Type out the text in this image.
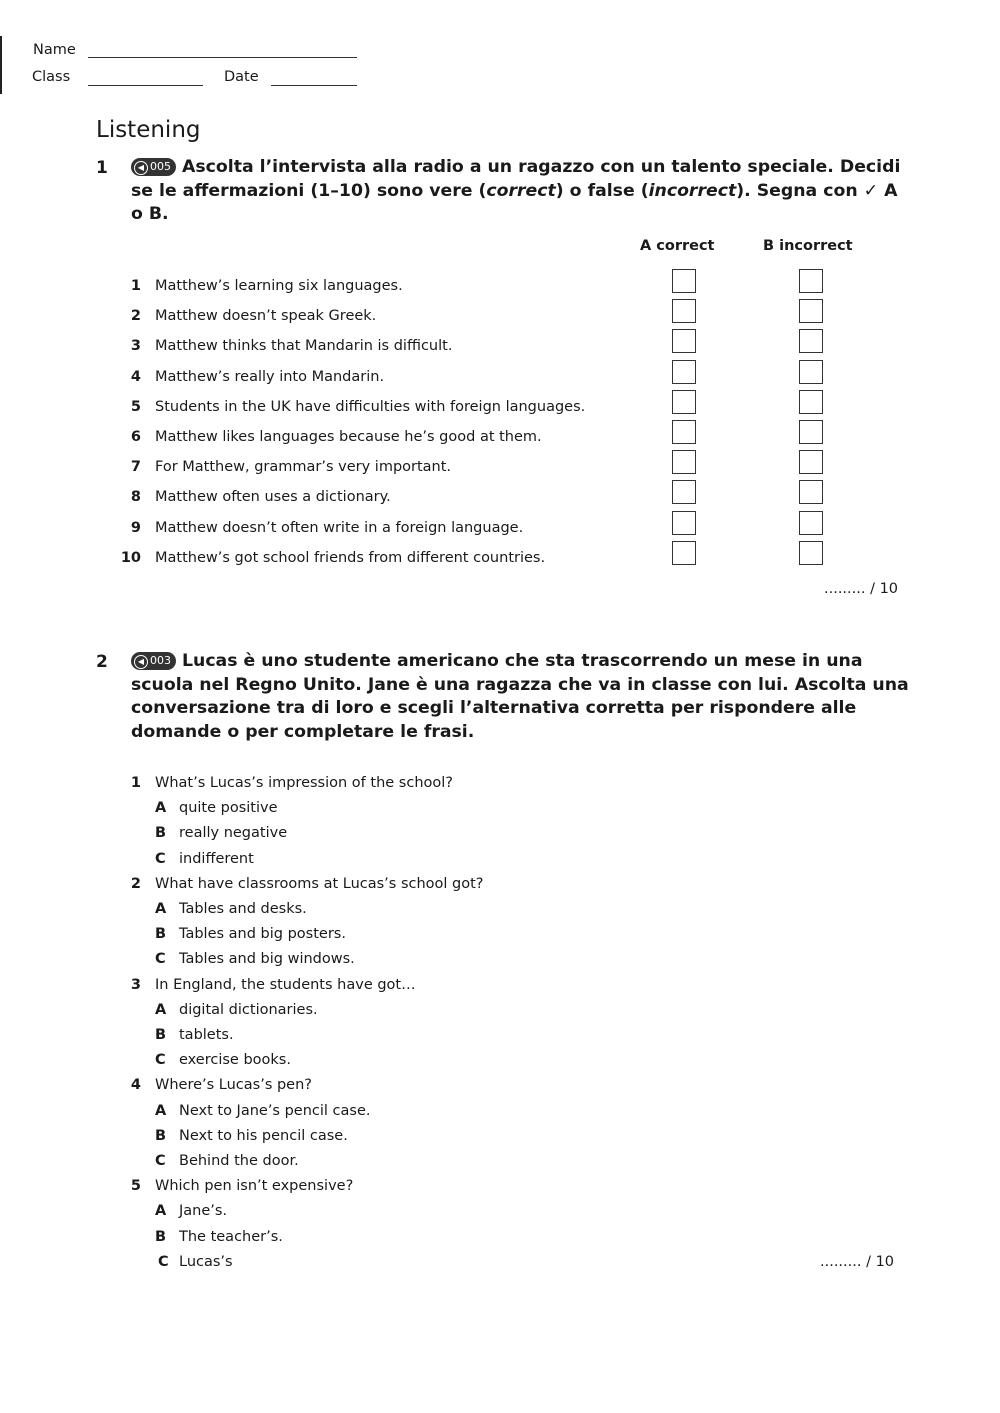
Name
Class	Date
Listening
1	◀ 005 Ascolta l’intervista alla radio a un ragazzo con un talento speciale. Decidi se le affermazioni (1–10) sono vere (correct) o false (incorrect). Segna con ✓ A o B.
A correct	B incorrect
1 Matthew’s learning six languages.
2 Matthew doesn’t speak Greek.
3 Matthew thinks that Mandarin is difficult.
4 Matthew’s really into Mandarin.
5 Students in the UK have difficulties with foreign languages.
6 Matthew likes languages because he’s good at them.
7 For Matthew, grammar’s very important.
8 Matthew often uses a dictionary.
9 Matthew doesn’t often write in a foreign language.
10 Matthew’s got school friends from different countries.
......... / 10
2	◀ 003 Lucas è uno studente americano che sta trascorrendo un mese in una scuola nel Regno Unito. Jane è una ragazza che va in classe con lui. Ascolta una conversazione tra di loro e scegli l’alternativa corretta per rispondere alle domande o per completare le frasi.
1 What’s Lucas’s impression of the school?
A quite positive
B really negative
C indifferent
2 What have classrooms at Lucas’s school got?
A Tables and desks.
B Tables and big posters.
C Tables and big windows.
3 In England, the students have got…
A digital dictionaries.
B tablets.
C exercise books.
4 Where’s Lucas’s pen?
A Next to Jane’s pencil case.
B Next to his pencil case.
C Behind the door.
5 Which pen isn’t expensive?
A Jane’s.
B The teacher’s.
C Lucas’s	......... / 10
